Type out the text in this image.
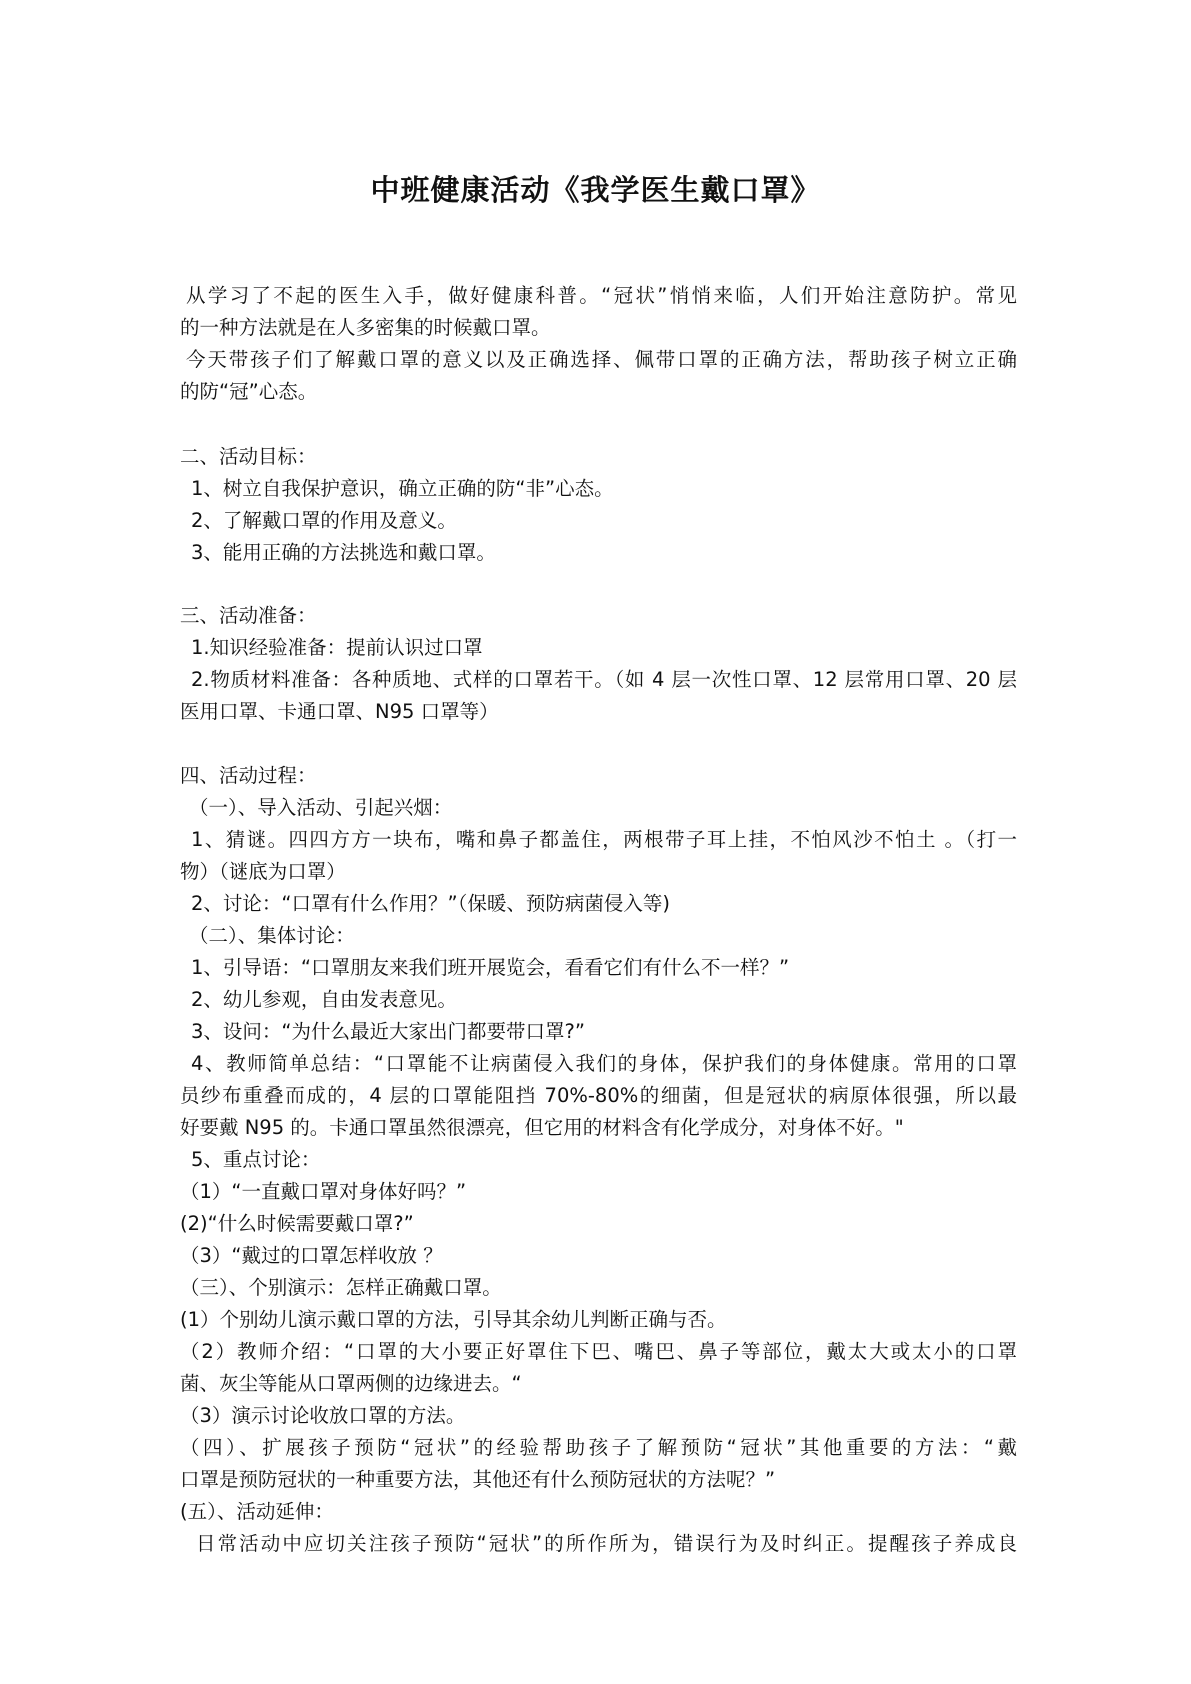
中班健康活动《我学医生戴口罩》
从学习了不起的医生入手，做好健康科普。“冠状”悄悄来临，人们开始注意防护。常见
的一种方法就是在人多密集的时候戴口罩。
今天带孩子们了解戴口罩的意义以及正确选择、佩带口罩的正确方法，帮助孩子树立正确
的防“冠”心态。
二、活动目标：
1、树立自我保护意识，确立正确的防“非”心态。
2、了解戴口罩的作用及意义。
3、能用正确的方法挑选和戴口罩。
三、活动准备：
1.知识经验准备：提前认识过口罩
2.物质材料准备：各种质地、式样的口罩若干。（如 4 层一次性口罩、12 层常用口罩、20 层
医用口罩、卡通口罩、N95 口罩等）
四、活动过程：
（一）、导入活动、引起兴烟：
1、猜谜。四四方方一块布，嘴和鼻子都盖住，两根带子耳上挂，不怕风沙不怕土 。（打一
物）（谜底为口罩）
2、讨论：“口罩有什么作用？”（保暖、预防病菌侵入等)
（二）、集体讨论：
1、引导语：“口罩朋友来我们班开展览会，看看它们有什么不一样？”
2、幼儿参观，自由发表意见。
3、设问：“为什么最近大家出门都要带口罩?”
4、教师简单总结：“口罩能不让病菌侵入我们的身体，保护我们的身体健康。常用的口罩
员纱布重叠而成的，4 层的口罩能阻挡 70%-80%的细菌，但是冠状的病原体很强，所以最
好要戴 N95 的。卡通口罩虽然很漂亮，但它用的材料含有化学成分，对身体不好。"
5、重点讨论：
（1）“一直戴口罩对身体好吗？”
(2)“什么时候需要戴口罩?”
（3）“戴过的口罩怎样收放 ？
（三）、个别演示：怎样正确戴口罩。
(1）个别幼儿演示戴口罩的方法，引导其余幼儿判断正确与否。
（2）教师介绍：“口罩的大小要正好罩住下巴、嘴巴、鼻子等部位，戴太大或太小的口罩
菌、灰尘等能从口罩两侧的边缘进去。“
（3）演示讨论收放口罩的方法。
（四）、扩展孩子预防“冠状”的经验帮助孩子了解预防“冠状”其他重要的方法：“戴
口罩是预防冠状的一种重要方法，其他还有什么预防冠状的方法呢？”
(五）、活动延伸：
日常活动中应切关注孩子预防“冠状”的所作所为，错误行为及时纠正。提醒孩子养成良
